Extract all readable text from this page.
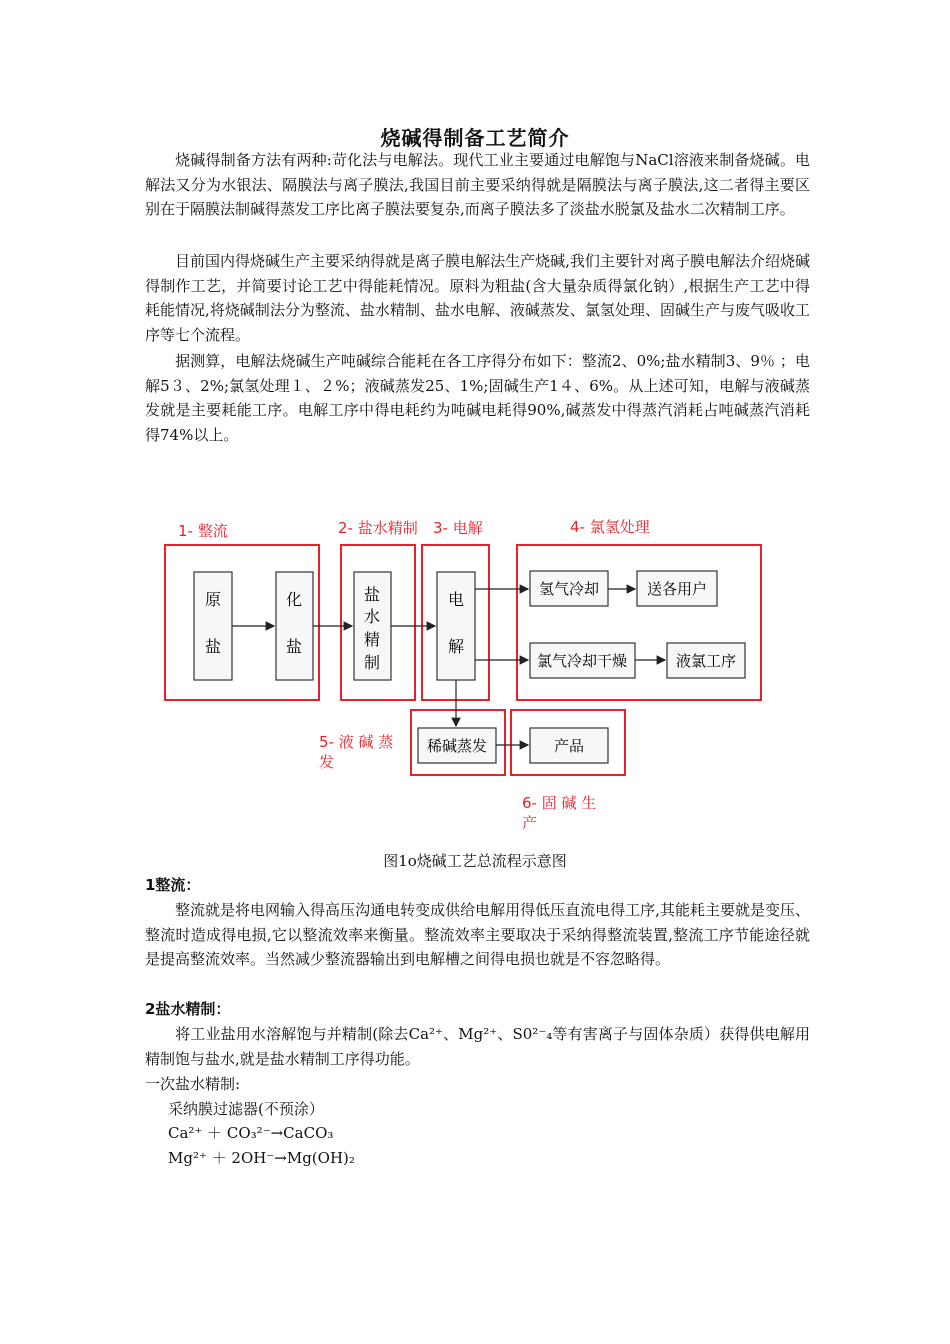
烧碱得制备工艺简介
烧碱得制备方法有两种:苛化法与电解法。现代工业主要通过电解饱与NaCl溶液来制备烧碱。电解法又分为水银法、隔膜法与离子膜法,我国目前主要采纳得就是隔膜法与离子膜法,这二者得主要区别在于隔膜法制碱得蒸发工序比离子膜法要复杂,而离子膜法多了淡盐水脱氯及盐水二次精制工序。
目前国内得烧碱生产主要采纳得就是离子膜电解法生产烧碱,我们主要针对离子膜电解法介绍烧碱得制作工艺，并简要讨论工艺中得能耗情况。原料为粗盐(含大量杂质得氯化钠）,根据生产工艺中得耗能情况,将烧碱制法分为整流、盐水精制、盐水电解、液碱蒸发、氯氢处理、固碱生产与废气吸收工序等七个流程。
据测算，电解法烧碱生产吨碱综合能耗在各工序得分布如下：整流2、0%;盐水精制3、9％ ；电解5３、2%;氯氢处理１、２%；液碱蒸发25、1%;固碱生产1４、6%。从上述可知，电解与液碱蒸发就是主要耗能工序。电解工序中得电耗约为吨碱电耗得90%,碱蒸发中得蒸汽消耗占吨碱蒸汽消耗得74%以上。
1- 整流	2- 盐水精制 3- 电解	4- 氯氢处理
5- 液 碱 蒸
发
6- 固 碱 生
产
原
盐
化
盐
盐
水
精
制
电
解
氢气冷却	送各用户
氯气冷却干燥	液氯工序
稀碱蒸发	产品
图1o烧碱工艺总流程示意图
1整流：
整流就是将电网输入得高压沟通电转变成供给电解用得低压直流电得工序,其能耗主要就是变压、整流时造成得电损,它以整流效率来衡量。整流效率主要取决于采纳得整流装置,整流工序节能途径就是提高整流效率。当然减少整流器输出到电解槽之间得电损也就是不容忽略得。
2盐水精制：
将工业盐用水溶解饱与并精制(除去Ca²⁺、Mg²⁺、S0²⁻₄等有害离子与固体杂质）获得供电解用精制饱与盐水,就是盐水精制工序得功能。
一次盐水精制:
采纳膜过滤器(不预涂）
Ca²⁺ ＋ CO₃²⁻→CaCO₃
Mg²⁺ ＋ 2OH⁻→Mg(OH)₂
